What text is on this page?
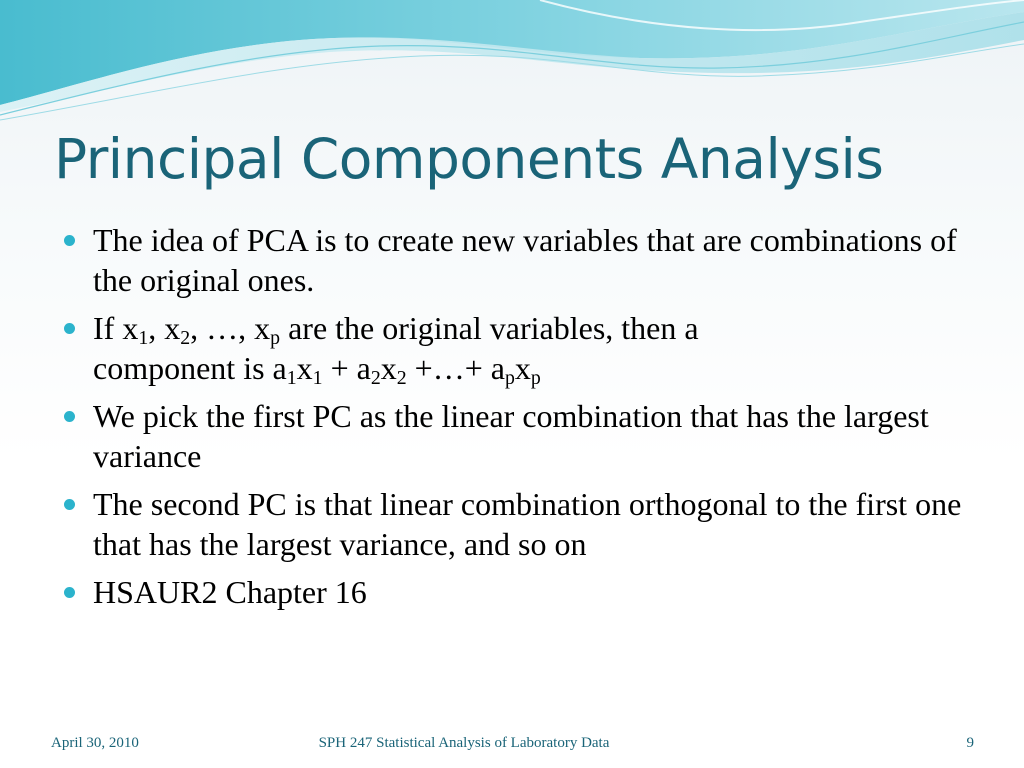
Principal Components Analysis
The idea of PCA is to create new variables that are combinations of the original ones.
If $x_1$, $x_2$, …, $x_p$ are the original variables, then a
component is $a_1x_1 + a_2x_2$ +…+ $a_px_p$
We pick the first PC as the linear combination that has the largest variance
The second PC is that linear combination orthogonal to the first one that has the largest variance, and so on
HSAUR2 Chapter 16
April 30, 2010	SPH 247 Statistical Analysis of Laboratory Data	9
